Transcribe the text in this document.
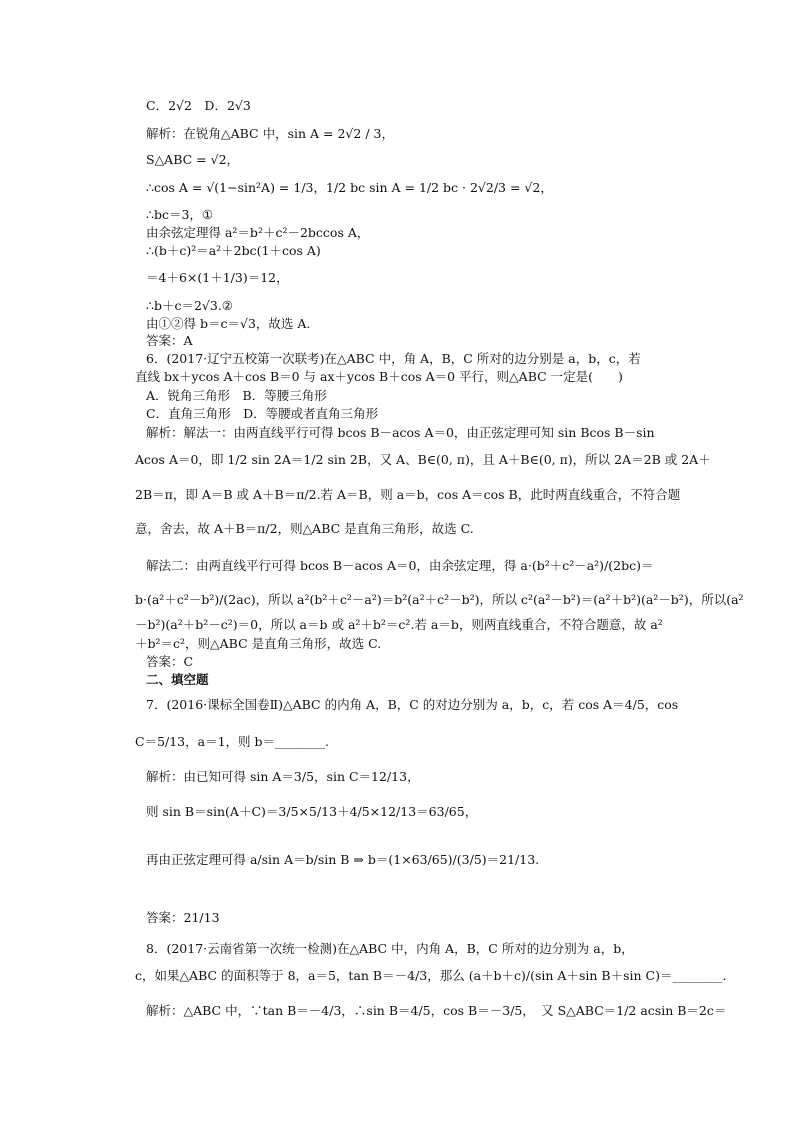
C．2√2　D．2√3
解析：在锐角△ABC 中，sin A = 2√2 / 3，
S△ABC = √2，
∴cos A = √(1−sin²A) = 1/3，1/2 bc sin A = 1/2 bc · 2√2/3 = √2，
∴bc＝3，①
由余弦定理得 a²＝b²＋c²－2bccos A，
∴(b＋c)²＝a²＋2bc(1＋cos A)
＝4＋6×(1＋1/3)＝12，
∴b＋c＝2√3.②
由①②得 b＝c＝√3，故选 A.
答案：A
6．(2017·辽宁五校第一次联考)在△ABC 中，角 A，B，C 所对的边分别是 a，b，c，若
直线 bx＋ycos A＋cos B＝0 与 ax＋ycos B＋cos A＝0 平行，则△ABC 一定是(　　)
A．锐角三角形　B．等腰三角形
C．直角三角形　D．等腰或者直角三角形
解析：解法一：由两直线平行可得 bcos B－acos A＝0，由正弦定理可知 sin Bcos B－sin
Acos A＝0，即 1/2 sin 2A＝1/2 sin 2B，又 A、B∈(0, π)，且 A＋B∈(0, π)，所以 2A＝2B 或 2A＋
2B＝π，即 A＝B 或 A＋B＝π/2.若 A＝B，则 a＝b，cos A＝cos B，此时两直线重合，不符合题
意，舍去，故 A＋B＝π/2，则△ABC 是直角三角形，故选 C.
解法二：由两直线平行可得 bcos B－acos A＝0，由余弦定理，得 a·(b²＋c²－a²)/(2bc)＝
b·(a²＋c²－b²)/(2ac)，所以 a²(b²＋c²－a²)＝b²(a²＋c²－b²)，所以 c²(a²－b²)＝(a²＋b²)(a²－b²)，所以(a²
－b²)(a²＋b²－c²)＝0，所以 a＝b 或 a²＋b²＝c².若 a＝b，则两直线重合，不符合题意，故 a²
＋b²＝c²，则△ABC 是直角三角形，故选 C.
答案：C
二、填空题
7．(2016·课标全国卷Ⅱ)△ABC 的内角 A，B，C 的对边分别为 a，b，c，若 cos A＝4/5，cos
C＝5/13，a＝1，则 b＝________.
解析：由已知可得 sin A＝3/5，sin C＝12/13，
则 sin B＝sin(A＋C)＝3/5×5/13＋4/5×12/13＝63/65，
再由正弦定理可得 a/sin A＝b/sin B ⇒ b＝(1×63/65)/(3/5)＝21/13.
答案：21/13
8．(2017·云南省第一次统一检测)在△ABC 中，内角 A，B，C 所对的边分别为 a，b，
c，如果△ABC 的面积等于 8，a＝5，tan B＝－4/3，那么 (a＋b＋c)/(sin A＋sin B＋sin C)＝________.
解析：△ABC 中，∵tan B＝－4/3，∴sin B＝4/5，cos B＝－3/5，　又 S△ABC＝1/2 acsin B＝2c＝
